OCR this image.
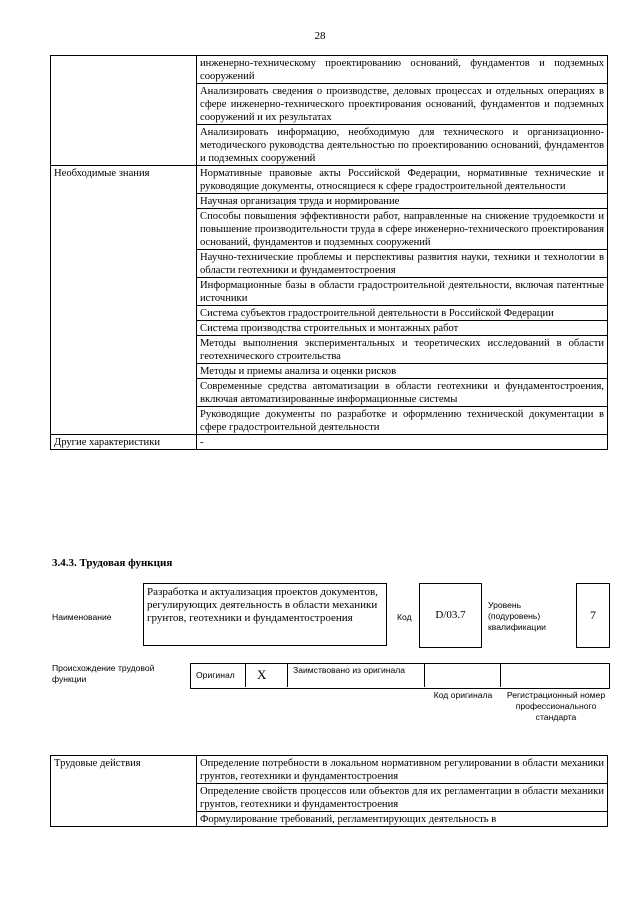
28
	инженерно-техническому проектированию оснований, фундаментов и подземных сооружений
	Анализировать сведения о производстве, деловых процессах и отдельных операциях в сфере инженерно-технического проектирования оснований, фундаментов и подземных сооружений и их результатах
	Анализировать информацию, необходимую для технического и организационно-методического руководства деятельностью по проектированию оснований, фундаментов и подземных сооружений
Необходимые знания	Нормативные правовые акты Российской Федерации, нормативные технические и руководящие документы, относящиеся к сфере градостроительной деятельности
	Научная организация труда и нормирование
	Способы повышения эффективности работ, направленные на снижение трудоемкости и повышение производительности труда в сфере инженерно-технического проектирования оснований, фундаментов и подземных сооружений
	Научно-технические проблемы и перспективы развития науки, техники и технологии в области геотехники и фундаментостроения
	Информационные базы в области градостроительной деятельности, включая патентные источники
	Система субъектов градостроительной деятельности в Российской Федерации
	Система производства строительных и монтажных работ
	Методы выполнения экспериментальных и теоретических исследований в области геотехнического строительства
	Методы и приемы анализа и оценки рисков
	Современные средства автоматизации в области геотехники и фундаментостроения, включая автоматизированные информационные системы
	Руководящие документы по разработке и оформлению технической документации в сфере градостроительной деятельности
Другие характеристики	-
3.4.3. Трудовая функция
Наименование
Разработка и актуализация проектов документов, регулирующих деятельность в области механики грунтов, геотехники и фундаментостроения	Код	D/03.7
Уровень (подуровень) квалификации
7
Происхождение трудовой функции	Оригинал X	Заимствовано из оригинала
Код оригинала	Регистрационный номер профессионального стандарта
Трудовые действия	Определение потребности в локальном нормативном регулировании в области механики грунтов, геотехники и фундаментостроения
Определение свойств процессов или объектов для их регламентации в области механики грунтов, геотехники и фундаментостроения
Формулирование требований, регламентирующих деятельность в
